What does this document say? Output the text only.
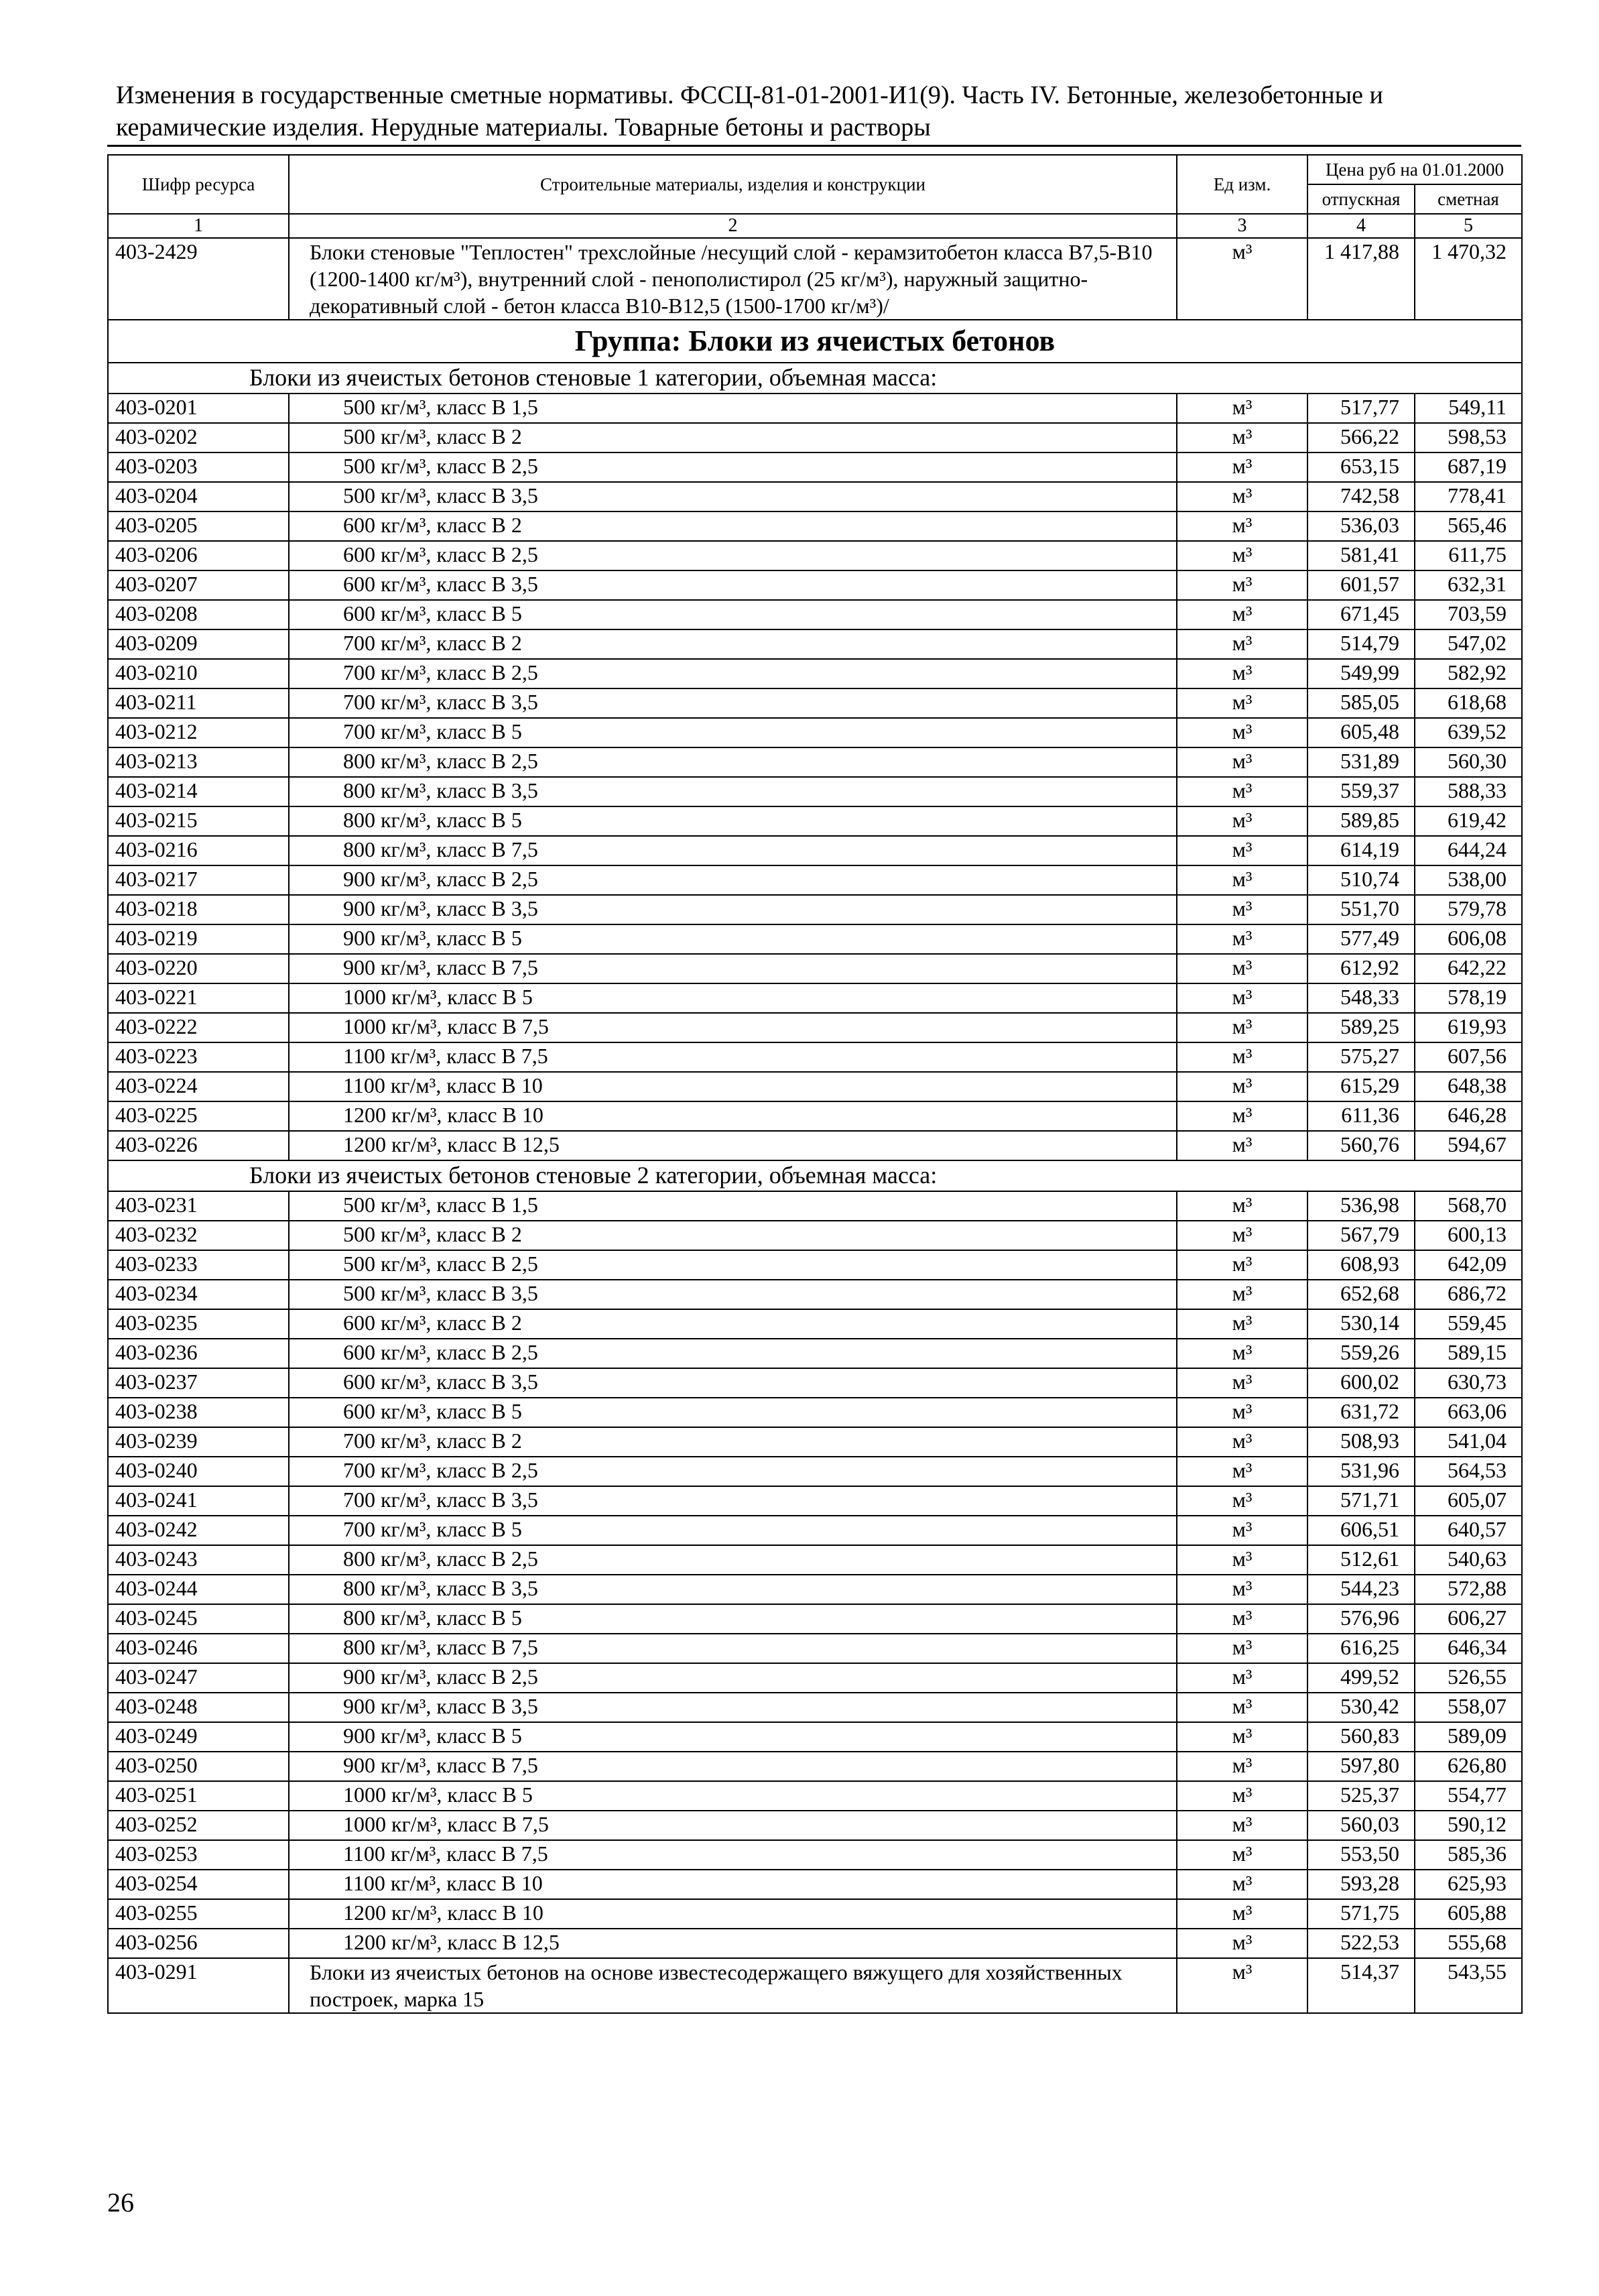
Изменения в государственные сметные нормативы. ФССЦ-81-01-2001-И1(9). Часть IV. Бетонные, железобетонные и
керамические изделия. Нерудные материалы. Товарные бетоны и растворы
Шифр ресурса	Строительные материалы, изделия и конструкции	Ед изм.	Цена руб на 01.01.2000	
			отпускная	сметная
1	2	3	4	5
403-2429	Блоки стеновые "Теплостен" трехслойные /несущий слой - керамзитобетон класса В7,5-В10 (1200-1400 кг/м³), внутренний слой - пенополистирол (25 кг/м³), наружный защитно-декоративный слой - бетон класса В10-В12,5 (1500-1700 кг/м³)/	м³	1 417,88	1 470,32
Группа: Блоки из ячеистых бетонов				
Блоки из ячеистых бетонов стеновые 1 категории, объемная масса:				
403-0201	500 кг/м³, класс В 1,5	м³	517,77	549,11
403-0202	500 кг/м³, класс В 2	м³	566,22	598,53
403-0203	500 кг/м³, класс В 2,5	м³	653,15	687,19
403-0204	500 кг/м³, класс В 3,5	м³	742,58	778,41
403-0205	600 кг/м³, класс В 2	м³	536,03	565,46
403-0206	600 кг/м³, класс В 2,5	м³	581,41	611,75
403-0207	600 кг/м³, класс В 3,5	м³	601,57	632,31
403-0208	600 кг/м³, класс В 5	м³	671,45	703,59
403-0209	700 кг/м³, класс В 2	м³	514,79	547,02
403-0210	700 кг/м³, класс В 2,5	м³	549,99	582,92
403-0211	700 кг/м³, класс В 3,5	м³	585,05	618,68
403-0212	700 кг/м³, класс В 5	м³	605,48	639,52
403-0213	800 кг/м³, класс В 2,5	м³	531,89	560,30
403-0214	800 кг/м³, класс В 3,5	м³	559,37	588,33
403-0215	800 кг/м³, класс В 5	м³	589,85	619,42
403-0216	800 кг/м³, класс В 7,5	м³	614,19	644,24
403-0217	900 кг/м³, класс В 2,5	м³	510,74	538,00
403-0218	900 кг/м³, класс В 3,5	м³	551,70	579,78
403-0219	900 кг/м³, класс В 5	м³	577,49	606,08
403-0220	900 кг/м³, класс В 7,5	м³	612,92	642,22
403-0221	1000 кг/м³, класс В 5	м³	548,33	578,19
403-0222	1000 кг/м³, класс В 7,5	м³	589,25	619,93
403-0223	1100 кг/м³, класс В 7,5	м³	575,27	607,56
403-0224	1100 кг/м³, класс В 10	м³	615,29	648,38
403-0225	1200 кг/м³, класс В 10	м³	611,36	646,28
403-0226	1200 кг/м³, класс В 12,5	м³	560,76	594,67
Блоки из ячеистых бетонов стеновые 2 категории, объемная масса:				
403-0231	500 кг/м³, класс В 1,5	м³	536,98	568,70
403-0232	500 кг/м³, класс В 2	м³	567,79	600,13
403-0233	500 кг/м³, класс В 2,5	м³	608,93	642,09
403-0234	500 кг/м³, класс В 3,5	м³	652,68	686,72
403-0235	600 кг/м³, класс В 2	м³	530,14	559,45
403-0236	600 кг/м³, класс В 2,5	м³	559,26	589,15
403-0237	600 кг/м³, класс В 3,5	м³	600,02	630,73
403-0238	600 кг/м³, класс В 5	м³	631,72	663,06
403-0239	700 кг/м³, класс В 2	м³	508,93	541,04
403-0240	700 кг/м³, класс В 2,5	м³	531,96	564,53
403-0241	700 кг/м³, класс В 3,5	м³	571,71	605,07
403-0242	700 кг/м³, класс В 5	м³	606,51	640,57
403-0243	800 кг/м³, класс В 2,5	м³	512,61	540,63
403-0244	800 кг/м³, класс В 3,5	м³	544,23	572,88
403-0245	800 кг/м³, класс В 5	м³	576,96	606,27
403-0246	800 кг/м³, класс В 7,5	м³	616,25	646,34
403-0247	900 кг/м³, класс В 2,5	м³	499,52	526,55
403-0248	900 кг/м³, класс В 3,5	м³	530,42	558,07
403-0249	900 кг/м³, класс В 5	м³	560,83	589,09
403-0250	900 кг/м³, класс В 7,5	м³	597,80	626,80
403-0251	1000 кг/м³, класс В 5	м³	525,37	554,77
403-0252	1000 кг/м³, класс В 7,5	м³	560,03	590,12
403-0253	1100 кг/м³, класс В 7,5	м³	553,50	585,36
403-0254	1100 кг/м³, класс В 10	м³	593,28	625,93
403-0255	1200 кг/м³, класс В 10	м³	571,75	605,88
403-0256	1200 кг/м³, класс В 12,5	м³	522,53	555,68
403-0291	Блоки из ячеистых бетонов на основе известесодержащего вяжущего для хозяйственных построек, марка 15	м³	514,37	543,55
26
